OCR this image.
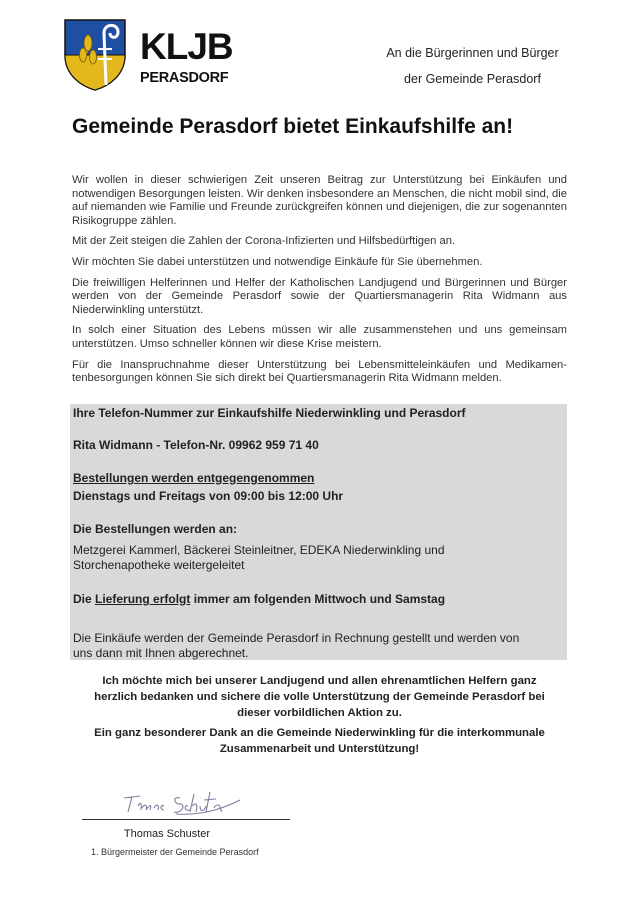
KLJB
PERASDORF
An die Bürgerinnen und Bürger
der Gemeinde Perasdorf
Gemeinde Perasdorf bietet Einkaufshilfe an!

Wir wollen in dieser schwierigen Zeit unseren Beitrag zur Unterstützung bei Einkäufen und notwendigen Besorgungen leisten. Wir denken insbesondere an Menschen, die nicht mobil sind, die auf niemanden wie Familie und Freunde zurückgreifen können und diejenigen, die zur sogenannten Risikogruppe zählen.

Mit der Zeit steigen die Zahlen der Corona-Infizierten und Hilfsbedürftigen an.

Wir möchten Sie dabei unterstützen und notwendige Einkäufe für Sie übernehmen.

Die freiwilligen Helferinnen und Helfer der Katholischen Landjugend und Bürgerinnen und Bürger werden von der Gemeinde Perasdorf sowie der Quartiersmanagerin Rita Widmann aus Niederwinkling unterstützt.

In solch einer Situation des Lebens müssen wir alle zusammenstehen und uns gemeinsam unterstützen. Umso schneller können wir diese Krise meistern.

Für die Inanspruchnahme dieser Unterstützung bei Lebensmitteleinkäufen und Medikamen-tenbesorgungen können Sie sich direkt bei Quartiersmanagerin Rita Widmann melden.

Ihre Telefon-Nummer zur Einkaufshilfe Niederwinkling und Perasdorf
Rita Widmann - Telefon-Nr. 09962 959 71 40
Bestellungen werden entgegengenommen
Dienstags und Freitags von 09:00 bis 12:00 Uhr
Die Bestellungen werden an:
Metzgerei Kammerl, Bäckerei Steinleitner, EDEKA Niederwinkling und
Storchenapotheke weitergeleitet
Die Lieferung erfolgt immer am folgenden Mittwoch und Samstag
Die Einkäufe werden der Gemeinde Perasdorf in Rechnung gestellt und werden von
uns dann mit Ihnen abgerechnet.
Ich möchte mich bei unserer Landjugend und allen ehrenamtlichen Helfern ganz
herzlich bedanken und sichere die volle Unterstützung der Gemeinde Perasdorf bei
dieser vorbildlichen Aktion zu.
Ein ganz besonderer Dank an die Gemeinde Niederwinkling für die interkommunale
Zusammenarbeit und Unterstützung!
Thomas Schuster
1. Bürgermeister der Gemeinde Perasdorf
